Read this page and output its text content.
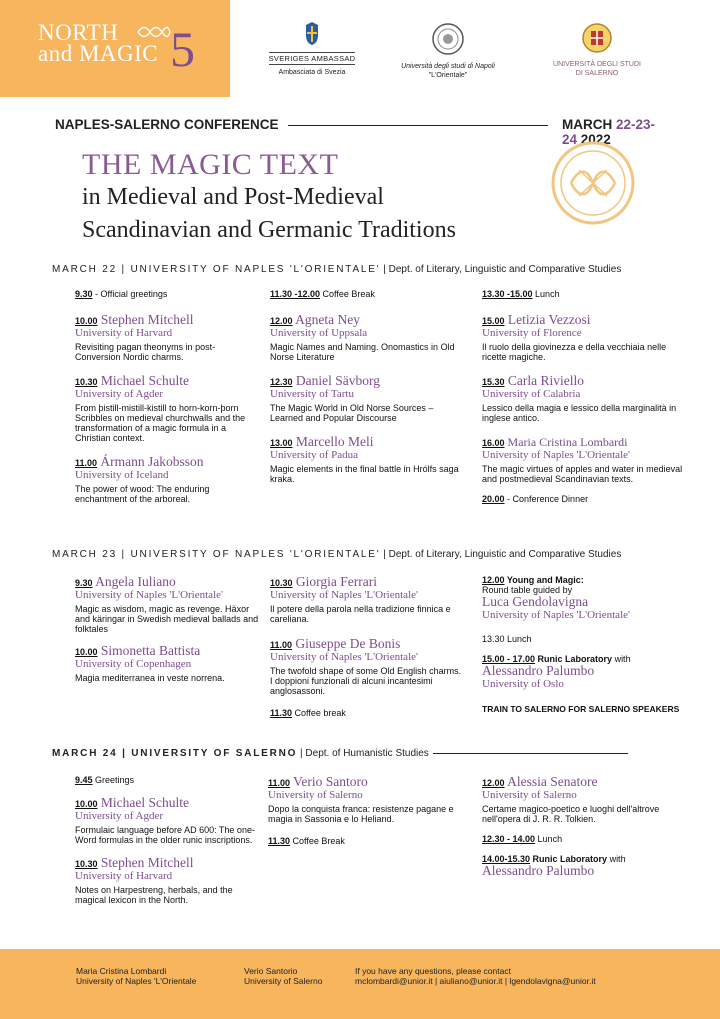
NORTH
and MAGIC 5	SVERIGES AMBASSAD
Ambasciata di Svezia
Università degli studi di Napoli
"L'Orientale"
UNIVERSITÀ DEGLI STUDI
DI SALERNO
NAPLES-SALERNO CONFERENCE	MARCH 22-23-24 2022
THE MAGIC TEXT
in Medieval and Post-Medieval
Scandinavian and Germanic Traditions
MARCH 22 | UNIVERSITY OF NAPLES 'L'ORIENTALE' | Dept. of Literary, Linguistic and Comparative Studies
9.30 - Official greetings
10.00 Stephen Mitchell
University of Harvard
Revisiting pagan theonyms in post-Conversion Nordic charms.
10.30 Michael Schulte
University of Agder
From þistill-mistill-kistill to horn-korn-þorn Scribbles on medieval churchwalls and the transformation of a magic formula in a Christian context.
11.00 Ármann Jakobsson
University of Iceland
The power of wood: The enduring enchantment of the arboreal.
11.30 -12.00 Coffee Break
12.00 Agneta Ney
University of Uppsala
Magic Names and Naming. Onomastics in Old Norse Literature
12.30 Daniel Sävborg
University of Tartu
The Magic World in Old Norse Sources – Learned and Popular Discourse
13.00 Marcello Meli
University of Padua
Magic elements in the final battle in Hrólfs saga kraka.
13.30 -15.00 Lunch
15.00 Letizia Vezzosi
University of Florence
Il ruolo della giovinezza e della vecchiaia nelle ricette magiche.
15.30 Carla Riviello
University of Calabria
Lessico della magia e lessico della marginalità in inglese antico.
16.00 Maria Cristina Lombardi
University of Naples 'L'Orientale'
The magic virtues of apples and water in medieval and postmedieval Scandinavian texts.
20.00 - Conference Dinner
MARCH 23 | UNIVERSITY OF NAPLES 'L'ORIENTALE' | Dept. of Literary, Linguistic and Comparative Studies
9.30 Angela Iuliano
University of Naples 'L'Orientale'
Magic as wisdom, magic as revenge. Häxor and käringar in Swedish medieval ballads and folktales
10.00 Simonetta Battista
University of Copenhagen
Magia mediterranea in veste norrena.
10.30 Giorgia Ferrari
University of Naples 'L'Orientale'
Il potere della parola nella tradizione finnica e careliana.
11.00 Giuseppe De Bonis
University of Naples 'L'Orientale'
The twofold shape of some Old English charms. I doppioni funzionali di alcuni incantesimi anglosassoni.
11.30 Coffee break
12.00 Young and Magic:
Round table guided by
Luca Gendolavigna
University of Naples 'L'Orientale'
13.30 Lunch
15.00 - 17.00 Runic Laboratory with
Alessandro Palumbo
University of Oslo
TRAIN TO SALERNO FOR SALERNO SPEAKERS
MARCH 24 | UNIVERSITY OF SALERNO | Dept. of Humanistic Studies
9.45 Greetings
10.00 Michael Schulte
University of Agder
Formulaic language before AD 600: The one-Word formulas in the older runic inscriptions.
10.30 Stephen Mitchell
University of Harvard
Notes on Harpestreng, herbals, and the magical lexicon in the North.
11.00 Verio Santoro
University of Salerno
Dopo la conquista franca: resistenze pagane e magia in Sassonia e lo Heliand.
11.30 Coffee Break
12.00 Alessia Senatore
University of Salerno
Certame magico-poetico e luoghi dell'altrove nell'opera di J. R. R. Tolkien.
12.30 - 14.00 Lunch
14.00-15.30 Runic Laboratory with
Alessandro Palumbo
Maria Cristina Lombardi
University of Naples 'L'Orientale
Verio Santorio
University of Salerno
If you have any questions, please contact
mclombardi@unior.it | aiuliano@unior.it | lgendolavigna@unior.it
